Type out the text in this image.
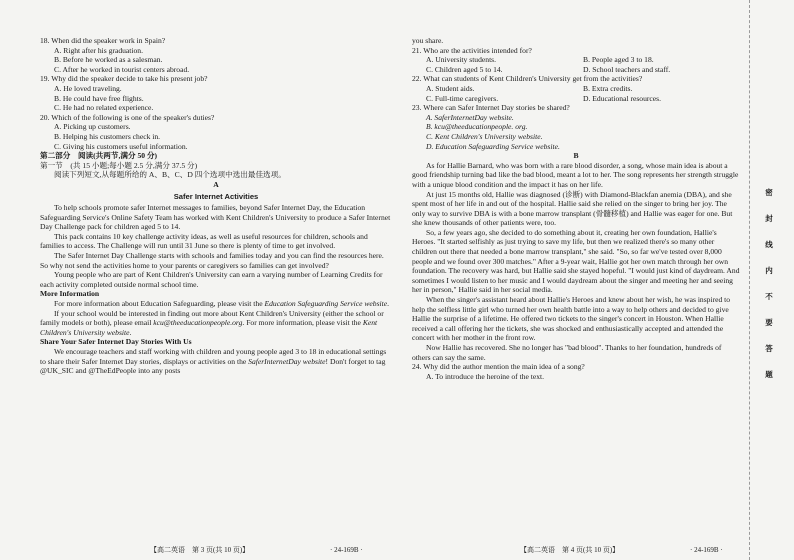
18. When did the speaker work in Spain?

A. Right after his graduation.

B. Before he worked as a salesman.

C. After he worked in tourist centers abroad.

19. Why did the speaker decide to take his present job?

A. He loved traveling.

B. He could have free flights.

C. He had no related experience.

20. Which of the following is one of the speaker's duties?

A. Picking up customers.

B. Helping his customers check in.

C. Giving his customers useful information.

第二部分　阅读(共两节,满分 50 分)

第一节　(共 15 小题;每小题 2.5 分,满分 37.5 分)

阅读下列短文,从每题所给的 A、B、C、D 四个选项中选出最佳选项。

A

Safer Internet Activities

To help schools promote safer Internet messages to families, beyond Safer Internet Day, the Education Safeguarding Service's Online Safety Team has worked with Kent Children's University to produce a Safer Internet Day Challenge pack for children aged 5 to 14.

This pack contains 10 key challenge activity ideas, as well as useful resources for children, schools and families to access. The Challenge will run until 31 June so there is plenty of time to get involved.

The Safer Internet Day Challenge starts with schools and families today and you can find the resources here. So why not send the activities home to your parents or caregivers so families can get involved?

Young people who are part of Kent Children's University can earn a varying number of Learning Credits for each activity completed outside normal school time.

More Information

For more information about Education Safeguarding, please visit the Education Safeguarding Service website.

If your school would be interested in finding out more about Kent Children's University (either the school or family models or both), please email kcu@theeducationpeople.org. For more information, please visit the Kent Children's University website.

Share Your Safer Internet Day Stories With Us

We encourage teachers and staff working with children and young people aged 3 to 18 in educational settings to share their Safer Internet Day stories, displays or activities on the SaferInternetDay website! Don't forget to tag @UK_SIC and @TheEdPeople into any posts

【高二英语　第 3 页(共 10 页)】	· 24-169B ·

you share.

21. Who are the activities intended for?

A. University students.	B. People aged 3 to 18.
C. Children aged 5 to 14.	D. School teachers and staff.

22. What can students of Kent Children's University get from the activities?

A. Student aids.	B. Extra credits.
C. Full-time caregivers.	D. Educational resources.

23. Where can Safer Internet Day stories be shared?

A. SaferInternetDay website.

B. kcu@theeducationpeople. org.

C. Kent Children's University website.

D. Education Safeguarding Service website.

B

As for Hallie Barnard, who was born with a rare blood disorder, a song, whose main idea is about a good friendship turning bad like the bad blood, meant a lot to her. The song represents her strength struggle with a unique blood condition and the impact it has on her life.

At just 15 months old, Hallie was diagnosed (诊断) with Diamond-Blackfan anemia (DBA), and she spent most of her life in and out of the hospital. Hallie said she relied on the singer to bring her joy. The only way to survive DBA is with a bone marrow transplant (骨髓移植) and Hallie was eager for one. But she knew thousands of other patients were, too.

So, a few years ago, she decided to do something about it, creating her own foundation, Hallie's Heroes. "It started selfishly as just trying to save my life, but then we realized there's so many other children out there that needed a bone marrow transplant," she said. "So, so far we've tested over 8,000 people and we found over 300 matches." After a 9-year wait, Hallie got her own match through her own foundation. The recovery was hard, but Hallie said she stayed hopeful. "I would just kind of daydream. And sometimes I would listen to her music and I would daydream about the singer and meeting her and seeing her in person," Hallie said in her social media.

When the singer's assistant heard about Hallie's Heroes and knew about her wish, he was inspired to help the selfless little girl who turned her own health battle into a way to help others and decided to give Hallie the surprise of a lifetime. He offered two tickets to the singer's concert in Houston. When Hallie received a call offering her the tickets, she was shocked and enthusiastically accepted and attended the concert with her mother in the front row.

Now Hallie has recovered. She no longer has "bad blood". Thanks to her foundation, hundreds of others can say the same.

24. Why did the author mention the main idea of a song?

A. To introduce the heroine of the text.

【高二英语　第 4 页(共 10 页)】	· 24-169B ·
密
封
线
内
不
要
答
题
